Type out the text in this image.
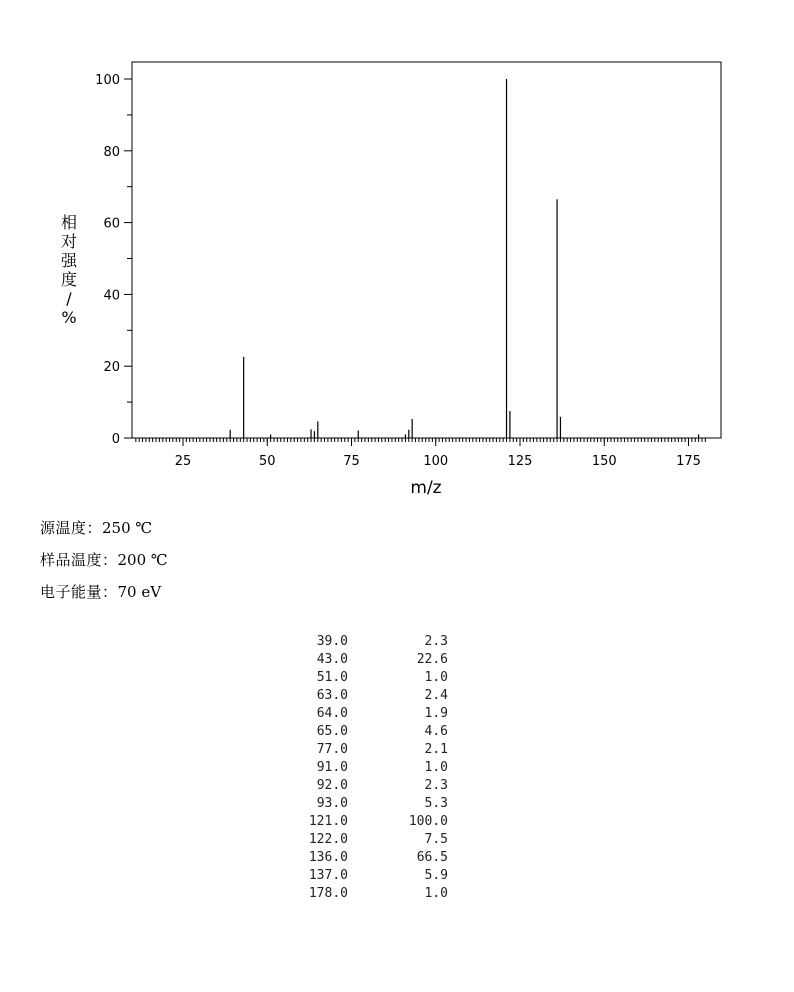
25	50	75	100	125	150	175
0
20
40
60
80
100
m/z
相
对
强
度
/
%
源温度：250 ℃
样品温度：200 ℃
电子能量：70 eV
39.0	2.3
43.0	22.6
51.0	1.0
63.0	2.4
64.0	1.9
65.0	4.6
77.0	2.1
91.0	1.0
92.0	2.3
93.0	5.3
121.0	100.0
122.0	7.5
136.0	66.5
137.0	5.9
178.0	1.0
